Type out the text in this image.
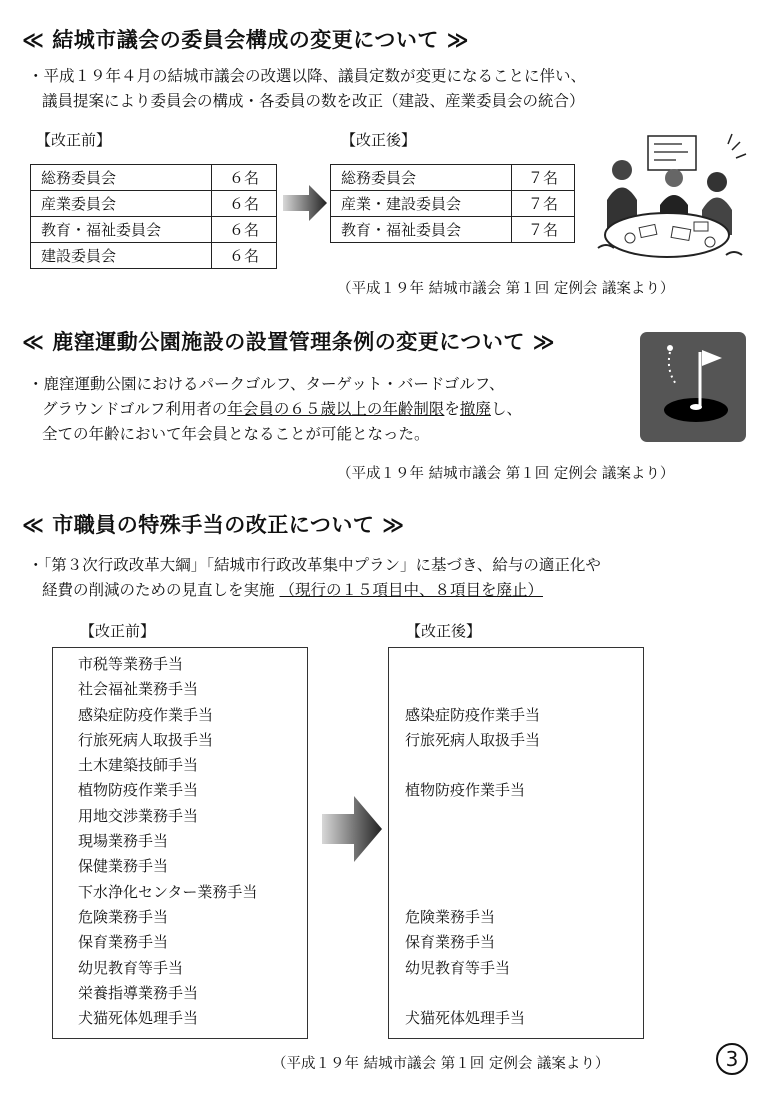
≪ 結城市議会の委員会構成の変更について ≫
・平成１９年４月の結城市議会の改選以降、議員定数が変更になることに伴い、
議員提案により委員会の構成・各委員の数を改正（建設、産業委員会の統合）
【改正前】	【改正後】
総務委員会	６名
産業委員会	６名
教育・福祉委員会	６名
建設委員会	６名
総務委員会	７名
産業・建設委員会	７名
教育・福祉委員会	７名
（平成１９年 結城市議会 第１回 定例会 議案より）
≪ 鹿窪運動公園施設の設置管理条例の変更について ≫
・鹿窪運動公園におけるパークゴルフ、ターゲット・バードゴルフ、
グラウンドゴルフ利用者の年会員の６５歳以上の年齢制限を撤廃し、
全ての年齢において年会員となることが可能となった。
（平成１９年 結城市議会 第１回 定例会 議案より）
≪ 市職員の特殊手当の改正について ≫
・「第３次行政改革大綱」「結城市行政改革集中プラン」に基づき、給与の適正化や
経費の削減のための見直しを実施 （現行の１５項目中、８項目を廃止）
【改正前】	【改正後】
市税等業務手当
社会福祉業務手当
感染症防疫作業手当
行旅死病人取扱手当
土木建築技師手当
植物防疫作業手当
用地交渉業務手当
現場業務手当
保健業務手当
下水浄化センター業務手当
危険業務手当
保育業務手当
幼児教育等手当
栄養指導業務手当
犬猫死体処理手当
感染症防疫作業手当
行旅死病人取扱手当
植物防疫作業手当
危険業務手当
保育業務手当
幼児教育等手当
犬猫死体処理手当
（平成１９年 結城市議会 第１回 定例会 議案より）	3
